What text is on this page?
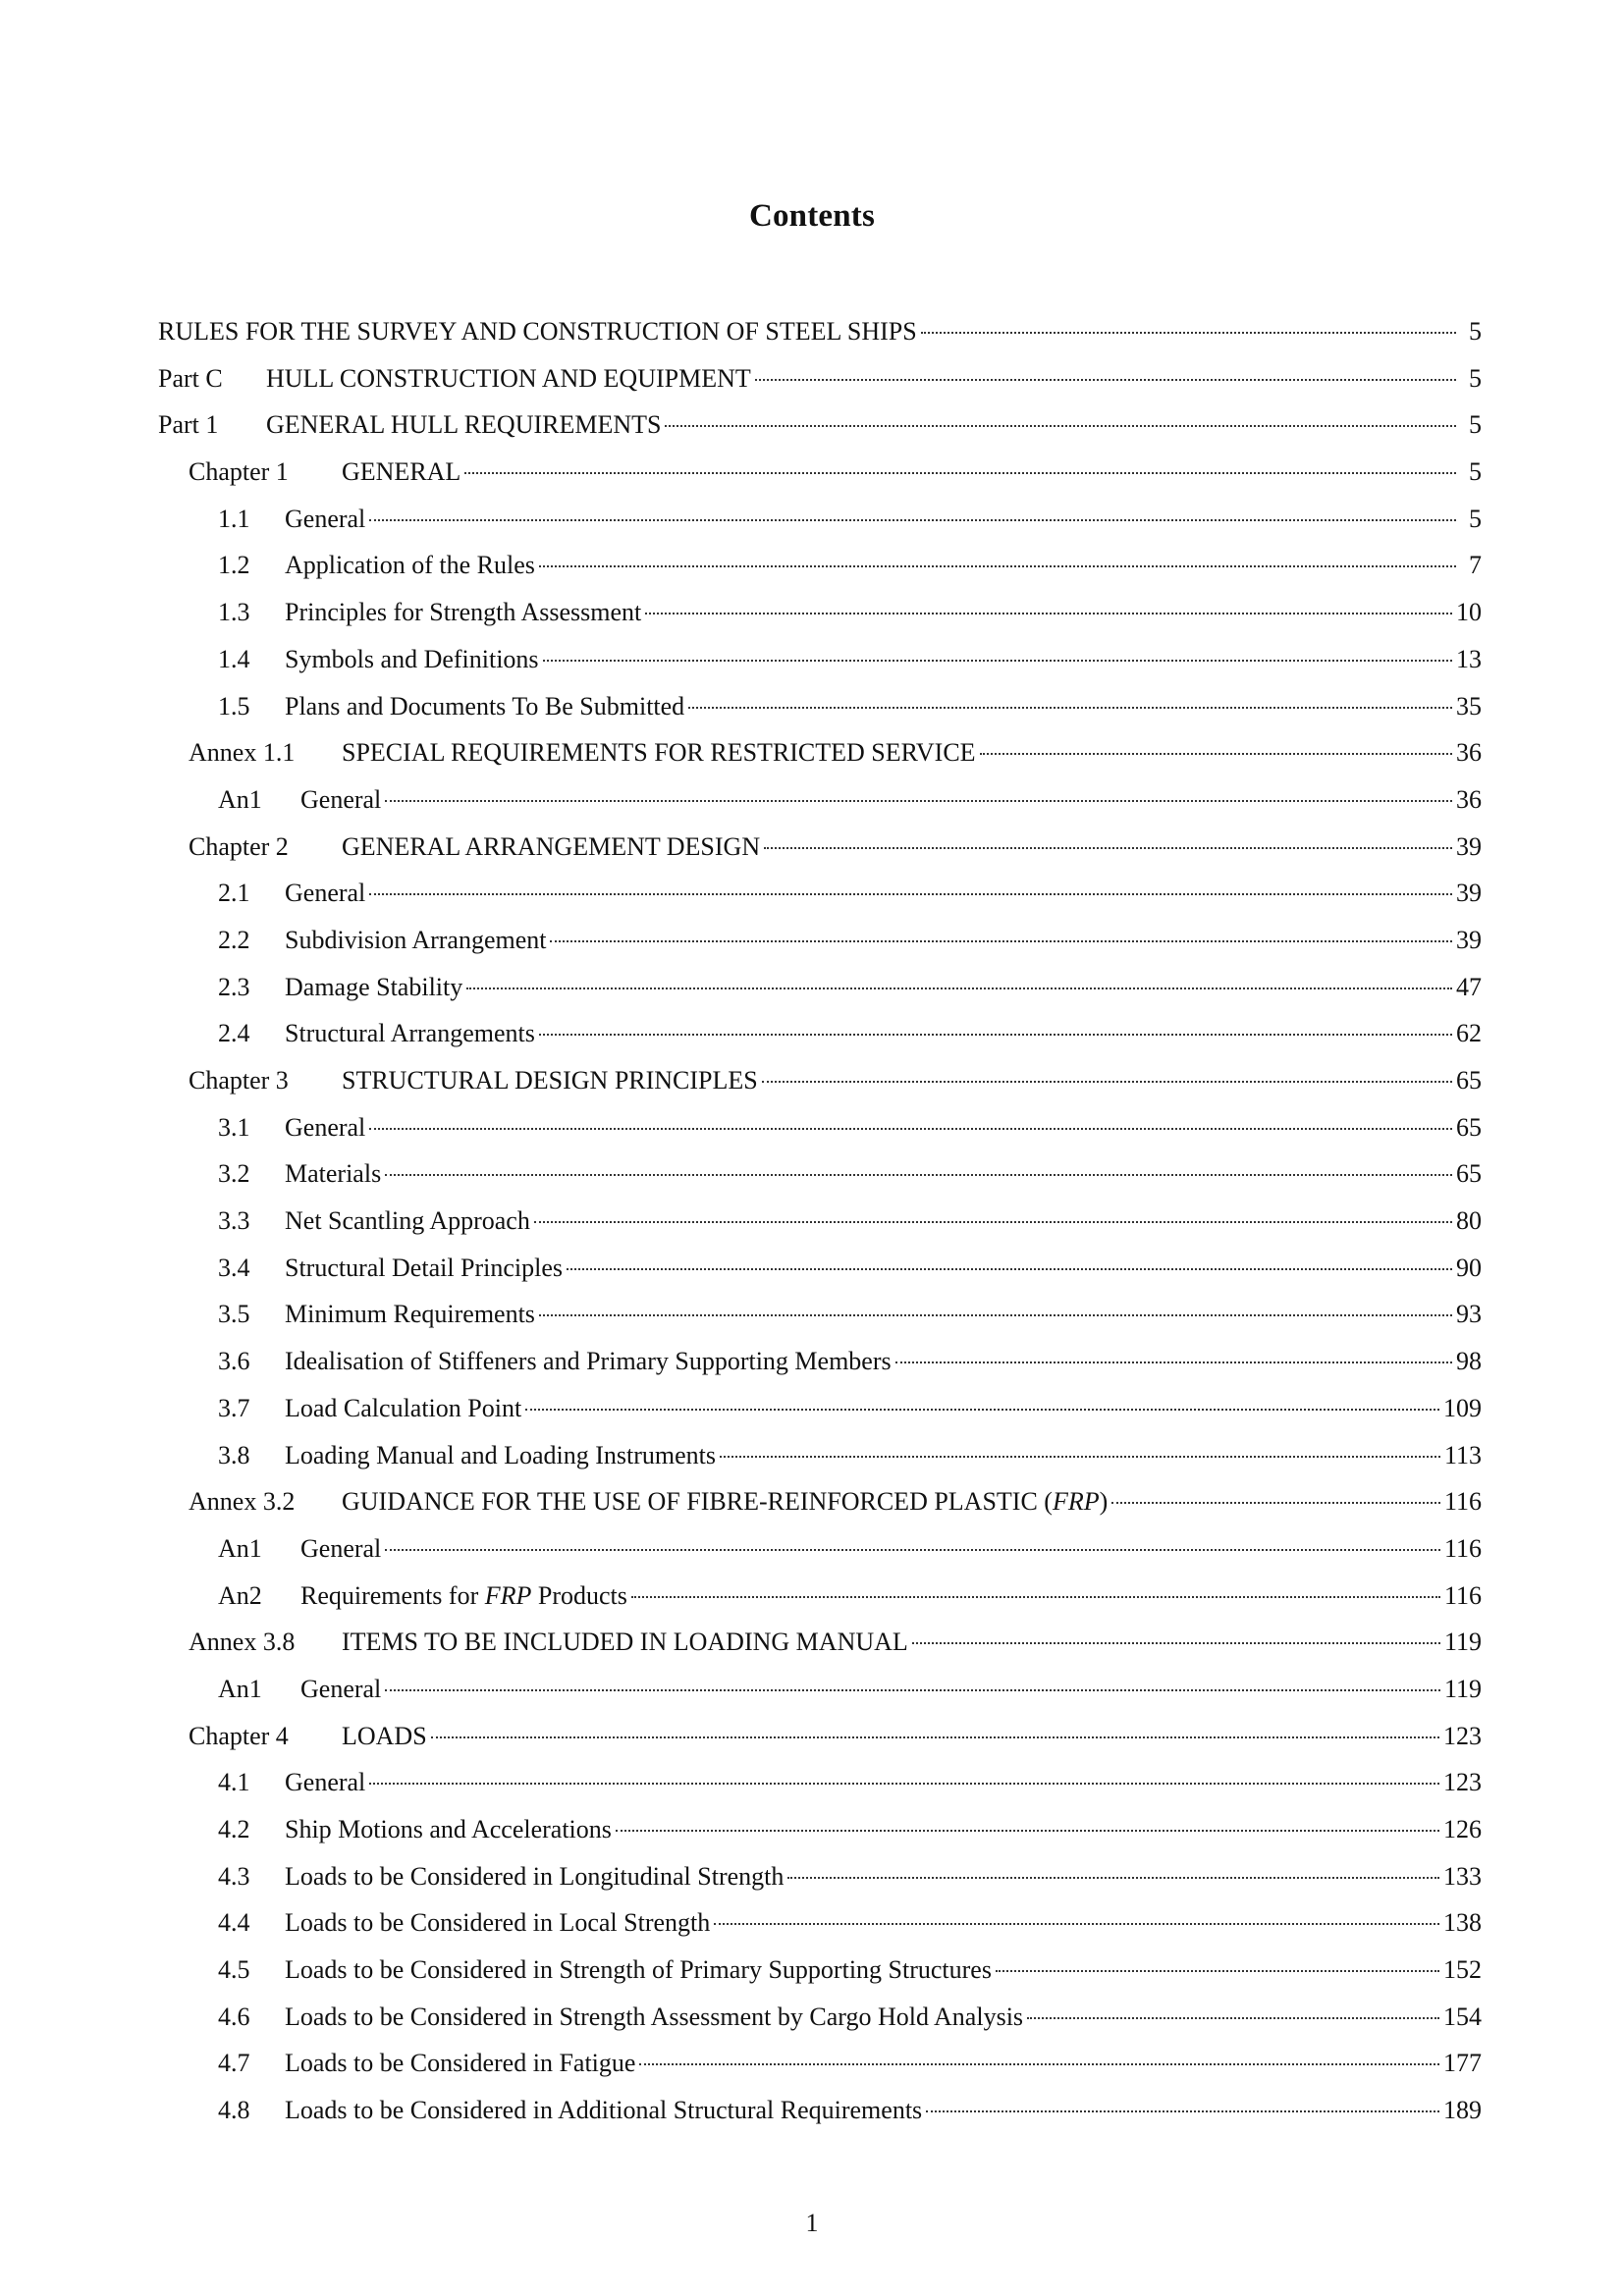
Contents
RULES FOR THE SURVEY AND CONSTRUCTION OF STEEL SHIPS	5
Part C	HULL CONSTRUCTION AND EQUIPMENT	5
Part 1	GENERAL HULL REQUIREMENTS	5
Chapter 1	GENERAL	5
1.1	General	5
1.2	Application of the Rules	7
1.3	Principles for Strength Assessment	10
1.4	Symbols and Definitions	13
1.5	Plans and Documents To Be Submitted	35
Annex 1.1	SPECIAL REQUIREMENTS FOR RESTRICTED SERVICE	36
An1	General	36
Chapter 2	GENERAL ARRANGEMENT DESIGN	39
2.1	General	39
2.2	Subdivision Arrangement	39
2.3	Damage Stability	47
2.4	Structural Arrangements	62
Chapter 3	STRUCTURAL DESIGN PRINCIPLES	65
3.1	General	65
3.2	Materials	65
3.3	Net Scantling Approach	80
3.4	Structural Detail Principles	90
3.5	Minimum Requirements	93
3.6	Idealisation of Stiffeners and Primary Supporting Members	98
3.7	Load Calculation Point	109
3.8	Loading Manual and Loading Instruments	113
Annex 3.2	GUIDANCE FOR THE USE OF FIBRE-REINFORCED PLASTIC (FRP)	116
An1	General	116
An2	Requirements for FRP Products	116
Annex 3.8	ITEMS TO BE INCLUDED IN LOADING MANUAL	119
An1	General	119
Chapter 4	LOADS	123
4.1	General	123
4.2	Ship Motions and Accelerations	126
4.3	Loads to be Considered in Longitudinal Strength	133
4.4	Loads to be Considered in Local Strength	138
4.5	Loads to be Considered in Strength of Primary Supporting Structures	152
4.6	Loads to be Considered in Strength Assessment by Cargo Hold Analysis	154
4.7	Loads to be Considered in Fatigue	177
4.8	Loads to be Considered in Additional Structural Requirements	189
1
